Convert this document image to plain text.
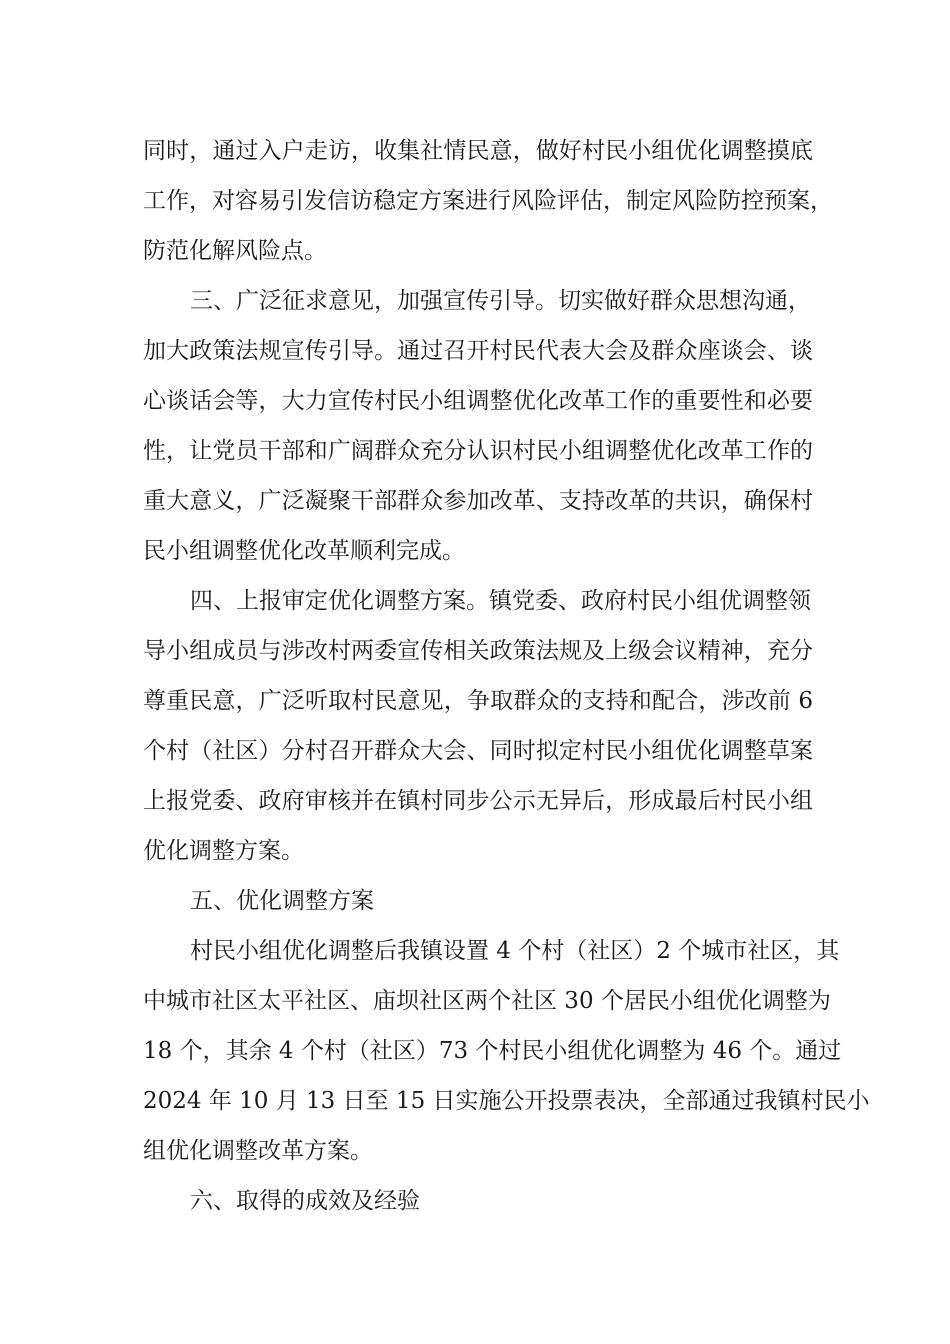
同时，通过入户走访，收集社情民意，做好村民小组优化调整摸底
工作，对容易引发信访稳定方案进行风险评估，制定风险防控预案，
防范化解风险点。
三、广泛征求意见，加强宣传引导。切实做好群众思想沟通，
加大政策法规宣传引导。通过召开村民代表大会及群众座谈会、谈
心谈话会等，大力宣传村民小组调整优化改革工作的重要性和必要
性，让党员干部和广阔群众充分认识村民小组调整优化改革工作的
重大意义，广泛凝聚干部群众参加改革、支持改革的共识，确保村
民小组调整优化改革顺利完成。
四、上报审定优化调整方案。镇党委、政府村民小组优调整领
导小组成员与涉改村两委宣传相关政策法规及上级会议精神，充分
尊重民意，广泛听取村民意见，争取群众的支持和配合，涉改前 6
个村（社区）分村召开群众大会、同时拟定村民小组优化调整草案
上报党委、政府审核并在镇村同步公示无异后，形成最后村民小组
优化调整方案。
五、优化调整方案
村民小组优化调整后我镇设置 4 个村（社区）2 个城市社区，其
中城市社区太平社区、庙坝社区两个社区 30 个居民小组优化调整为
18 个，其余 4 个村（社区）73 个村民小组优化调整为 46 个。通过
2024 年 10 月 13 日至 15 日实施公开投票表决，全部通过我镇村民小
组优化调整改革方案。
六、取得的成效及经验
